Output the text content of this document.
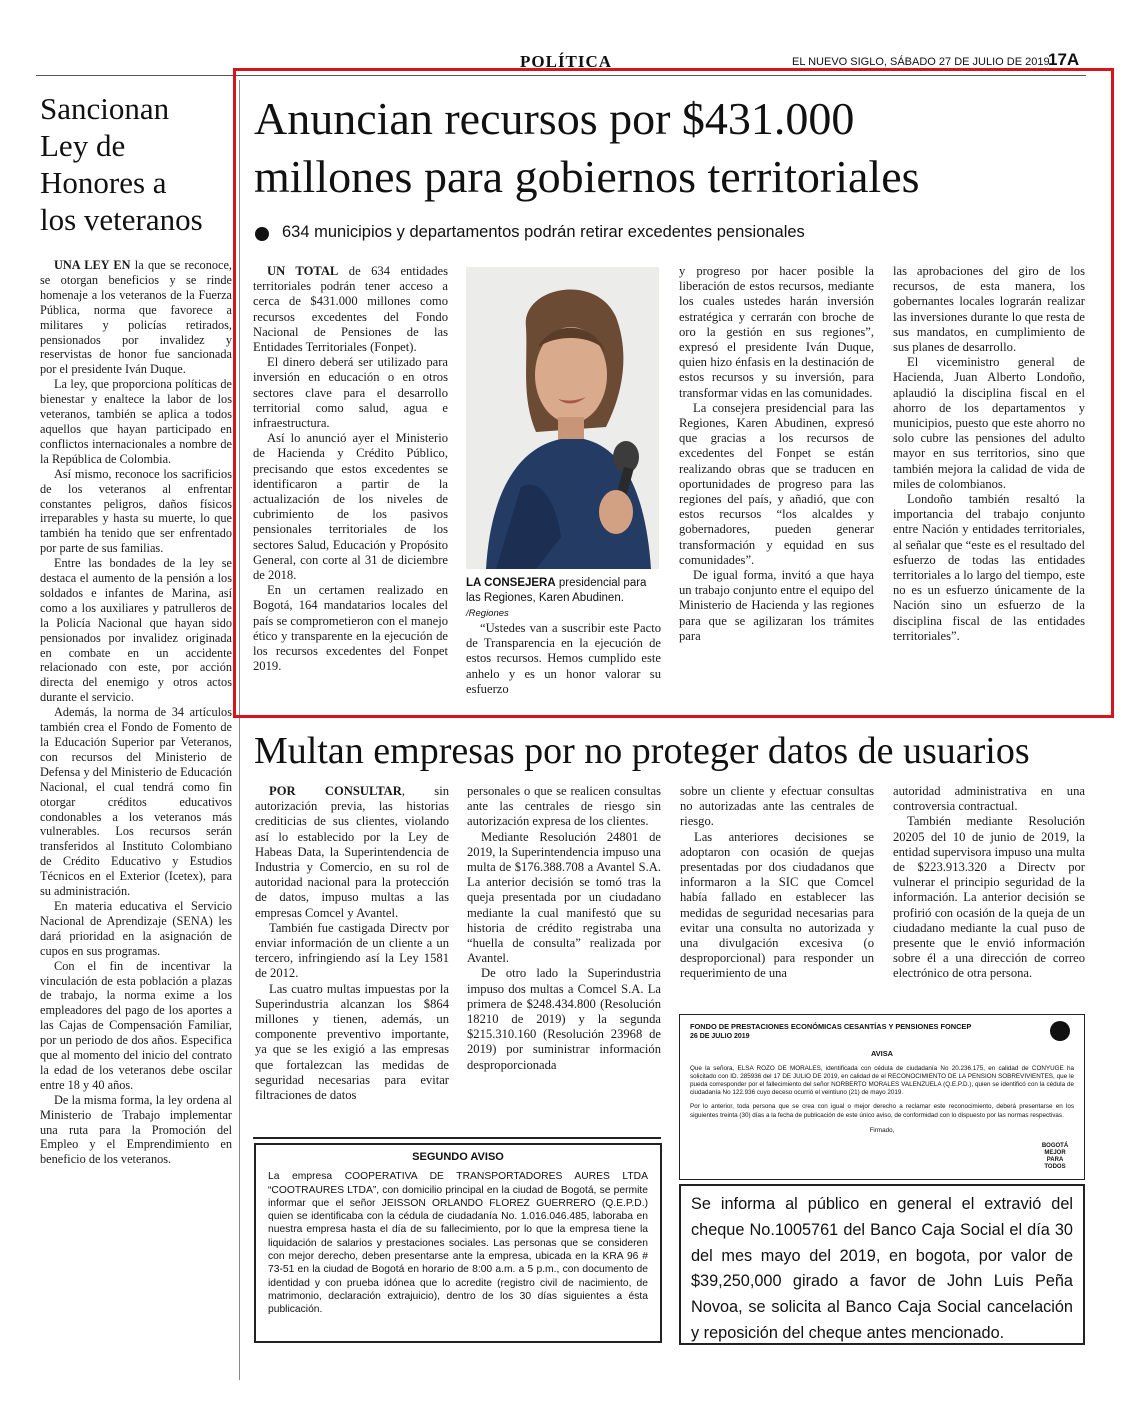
POLÍTICA	EL NUEVO SIGLO, SÁBADO 27 DE JULIO DE 2019
17A
Sancionan
Ley de
Honores a
los veteranos

UNA LEY EN la que se reconoce, se otorgan beneficios y se rinde homenaje a los veteranos de la Fuerza Pública, norma que favorece a militares y policías retirados, pensionados por invalidez y reservistas de honor fue sancionada por el presidente Iván Duque.

La ley, que proporciona políticas de bienestar y enaltece la labor de los veteranos, también se aplica a todos aquellos que hayan participado en conflictos internacionales a nombre de la República de Colombia.

Así mismo, reconoce los sacrificios de los veteranos al enfrentar constantes peligros, daños físicos irreparables y hasta su muerte, lo que también ha tenido que ser enfrentado por parte de sus familias.

Entre las bondades de la ley se destaca el aumento de la pensión a los soldados e infantes de Marina, así como a los auxiliares y patrulleros de la Policía Nacional que hayan sido pensionados por invalidez originada en combate en un accidente relacionado con este, por acción directa del enemigo y otros actos durante el servicio.

Además, la norma de 34 artículos también crea el Fondo de Fomento de la Educación Superior par Veteranos, con recursos del Ministerio de Defensa y del Ministerio de Educación Nacional, el cual tendrá como fin otorgar créditos educativos condonables a los veteranos más vulnerables. Los recursos serán transferidos al Instituto Colombiano de Crédito Educativo y Estudios Técnicos en el Exterior (Icetex), para su administración.

En materia educativa el Servicio Nacional de Aprendizaje (SENA) les dará prioridad en la asignación de cupos en sus programas.

Con el fin de incentivar la vinculación de esta población a plazas de trabajo, la norma exime a los empleadores del pago de los aportes a las Cajas de Compensación Familiar, por un periodo de dos años. Especifica que al momento del inicio del contrato la edad de los veteranos debe oscilar entre 18 y 40 años.

De la misma forma, la ley ordena al Ministerio de Trabajo implementar una ruta para la Promoción del Empleo y el Emprendimiento en beneficio de los veteranos.

Anuncian recursos por $431.000
millones para gobiernos territoriales
634 municipios y departamentos podrán retirar excedentes pensionales

UN TOTAL de 634 entidades territoriales podrán tener acceso a cerca de $431.000 millones como recursos excedentes del Fondo Nacional de Pensiones de las Entidades Territoriales (Fonpet).

El dinero deberá ser utilizado para inversión en educación o en otros sectores clave para el desarrollo territorial como salud, agua e infraestructura.

Así lo anunció ayer el Ministerio de Hacienda y Crédito Público, precisando que estos excedentes se identificaron a partir de la actualización de los niveles de cubrimiento de los pasivos pensionales territoriales de los sectores Salud, Educación y Propósito General, con corte al 31 de diciembre de 2018.

En un certamen realizado en Bogotá, 164 mandatarios locales del país se comprometieron con el manejo ético y transparente en la ejecución de los recursos excedentes del Fonpet 2019.

LA CONSEJERA presidencial para las Regiones, Karen Abudinen. /Regiones

“Ustedes van a suscribir este Pacto de Transparencia en la ejecución de estos recursos. Hemos cumplido este anhelo y es un honor valorar su esfuerzo

y progreso por hacer posible la liberación de estos recursos, mediante los cuales ustedes harán inversión estratégica y cerrarán con broche de oro la gestión en sus regiones”, expresó el presidente Iván Duque, quien hizo énfasis en la destinación de estos recursos y su inversión, para transformar vidas en las comunidades.

La consejera presidencial para las Regiones, Karen Abudinen, expresó que gracias a los recursos de excedentes del Fonpet se están realizando obras que se traducen en oportunidades de progreso para las regiones del país, y añadió, que con estos recursos “los alcaldes y gobernadores, pueden generar transformación y equidad en sus comunidades”.

De igual forma, invitó a que haya un trabajo conjunto entre el equipo del Ministerio de Hacienda y las regiones para que se agilizaran los trámites para

las aprobaciones del giro de los recursos, de esta manera, los gobernantes locales lograrán realizar las inversiones durante lo que resta de sus mandatos, en cumplimiento de sus planes de desarrollo.

El viceministro general de Hacienda, Juan Alberto Londoño, aplaudió la disciplina fiscal en el ahorro de los departamentos y municipios, puesto que este ahorro no solo cubre las pensiones del adulto mayor en sus territorios, sino que también mejora la calidad de vida de miles de colombianos.

Londoño también resaltó la importancia del trabajo conjunto entre Nación y entidades territoriales, al señalar que “este es el resultado del esfuerzo de todas las entidades territoriales a lo largo del tiempo, este no es un esfuerzo únicamente de la Nación sino un esfuerzo de la disciplina fiscal de las entidades territoriales”.

Multan empresas por no proteger datos de usuarios

POR CONSULTAR, sin autorización previa, las historias crediticias de sus clientes, violando así lo establecido por la Ley de Habeas Data, la Superintendencia de Industria y Comercio, en su rol de autoridad nacional para la protección de datos, impuso multas a las empresas Comcel y Avantel.

También fue castigada Directv por enviar información de un cliente a un tercero, infringiendo así la Ley 1581 de 2012.

Las cuatro multas impuestas por la Superindustria alcanzan los $864 millones y tienen, además, un componente preventivo importante, ya que se les exigió a las empresas que fortalezcan las medidas de seguridad necesarias para evitar filtraciones de datos

personales o que se realicen consultas ante las centrales de riesgo sin autorización expresa de los clientes.

Mediante Resolución 24801 de 2019, la Superintendencia impuso una multa de $176.388.708 a Avantel S.A. La anterior decisión se tomó tras la queja presentada por un ciudadano mediante la cual manifestó que su historia de crédito registraba una “huella de consulta” realizada por Avantel.

De otro lado la Superindustria impuso dos multas a Comcel S.A. La primera de $248.434.800 (Resolución 18210 de 2019) y la segunda $215.310.160 (Resolución 23968 de 2019) por suministrar información desproporcionada

sobre un cliente y efectuar consultas no autorizadas ante las centrales de riesgo.

Las anteriores decisiones se adoptaron con ocasión de quejas presentadas por dos ciudadanos que informaron a la SIC que Comcel había fallado en establecer las medidas de seguridad necesarias para evitar una consulta no autorizada y una divulgación excesiva (o desproporcional) para responder un requerimiento de una

autoridad administrativa en una controversia contractual.

También mediante Resolución 20205 del 10 de junio de 2019, la entidad supervisora impuso una multa de $223.913.320 a Directv por vulnerar el principio seguridad de la información. La anterior decisión se profirió con ocasión de la queja de un ciudadano mediante la cual puso de presente que le envió información sobre él a una dirección de correo electrónico de otra persona.

FONDO DE PRESTACIONES ECONÓMICAS CESANTÍAS Y PENSIONES FONCEP
26 DE JULIO 2019
AVISA
Que la señora, ELSA ROZO DE MORALES, identificada con cédula de ciudadanía No 20.236.175, en calidad de CONYUGE ha solicitado con ID. 285936 del 17 DE JULIO DE 2019, en calidad de el RECONOCIMIENTO DE LA PENSION SOBREVIVIENTES, que le pueda corresponder por el fallecimiento del señor NORBERTO MORALES VALENZUELA (Q.E.P.D.), quien se identificó con la cédula de ciudadanía No 122.936 cuyo deceso ocurrió el veintiuno (21) de mayo 2019.
Por lo anterior, toda persona que se crea con igual o mejor derecho a reclamar este reconocimiento, deberá presentarse en los siguientes treinta (30) días a la fecha de publicación de este único aviso, de conformidad con lo dispuesto por las normas respectivas.
Firmado,
BOGOTÁ MEJOR PARA TODOS
SEGUNDO AVISO
La empresa COOPERATIVA DE TRANSPORTADORES AURES LTDA “COOTRAURES LTDA”, con domicilio principal en la ciudad de Bogotá, se permite informar que el señor JEISSON ORLANDO FLOREZ GUERRERO (Q.E.P.D.) quien se identificaba con la cédula de ciudadanía No. 1.016.046.485, laboraba en nuestra empresa hasta el día de su fallecimiento, por lo que la empresa tiene la liquidación de salarios y prestaciones sociales. Las personas que se consideren con mejor derecho, deben presentarse ante la empresa, ubicada en la KRA 96 # 73-51 en la ciudad de Bogotá en horario de 8:00 a.m. a 5 p.m., con documento de identidad y con prueba idónea que lo acredite (registro civil de nacimiento, de matrimonio, declaración extrajuicio), dentro de los 30 días siguientes a ésta publicación.
Se informa al público en general el extravió del cheque No.1005761 del Banco Caja Social el día 30 del mes mayo del 2019, en bogota, por valor de $39,250,000 girado a favor de John Luis Peña Novoa, se solicita al Banco Caja Social cancelación y reposición del cheque antes mencionado.
